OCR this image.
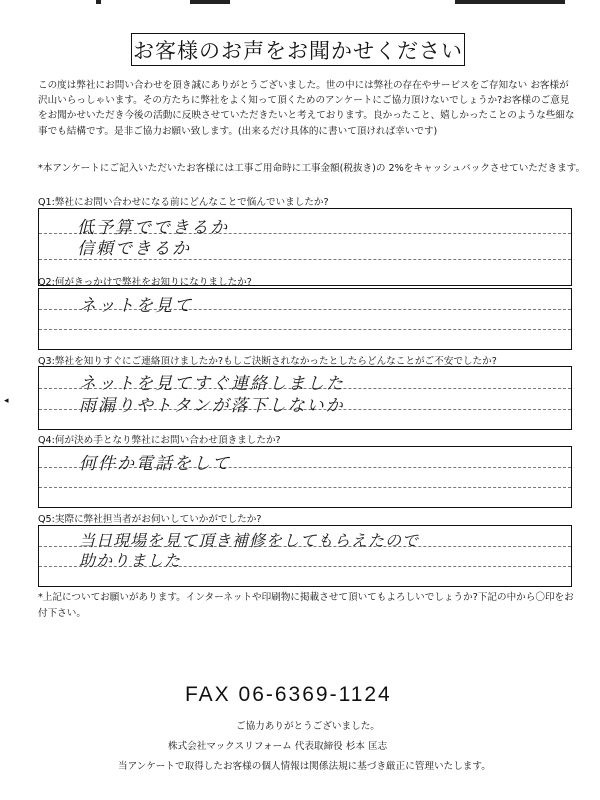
お客様のお声をお聞かせください

この度は弊社にお問い合わせを頂き誠にありがとうございました。世の中には弊社の存在やサービスをご存知ない お客様が沢山いらっしゃいます。その方たちに弊社をよく知って頂くためのアンケートにご協力頂けないでしょうか?お客様のご意見をお聞かせいただき今後の活動に反映させていただきたいと考えております。良かったこと、嬉しかったことのような些細な事でも結構です。是非ご協力お願い致します。(出来るだけ具体的に書いて頂ければ幸いです)

*本アンケートにご記入いただいたお客様には工事ご用命時に工事金額(税抜き)の 2%をキャッシュバックさせていただきます。
Q1:弊社にお問い合わせになる前にどんなことで悩んでいましたか?
低予算でできるか
信頼できるか
Q2:何がきっかけで弊社をお知りになりましたか?
ネットを見て
Q3:弊社を知りすぐにご連絡頂けましたか?もしご決断されなかったとしたらどんなことがご不安でしたか?
ネットを見てすぐ連絡しました
雨漏りやトタンが落下しないか
◂
Q4:何が決め手となり弊社にお問い合わせ頂きましたか?
何件か電話をして
Q5:実際に弊社担当者がお伺いしていかがでしたか?
当日現場を見て頂き補修をしてもらえたので
助かりました
*上記についてお願いがあります。インターネットや印刷物に掲載させて頂いてもよろしいでしょうか?下記の中から〇印をお付下さい。
FAX 06-6369-1124
ご協力ありがとうございました。
株式会社マックスリフォーム 代表取締役 杉本 匡志
当アンケートで取得したお客様の個人情報は関係法規に基づき厳正に管理いたします。
